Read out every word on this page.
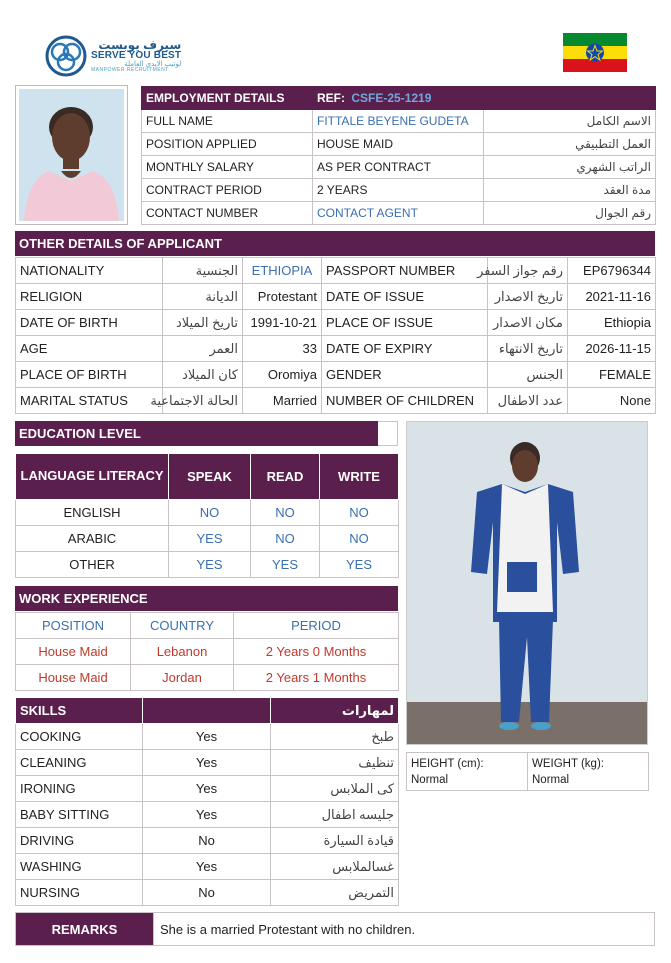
سيرف يوبست
SERVE YOU BEST
لوتيب الايدي العاملة
MANPOWER RECRUITMENT
EMPLOYMENT DETAILS	REF: CSFE-25-1219	
FULL NAME	FITTALE BEYENE GUDETA	الاسم الكامل
POSITION APPLIED	HOUSE MAID	العمل التطبيقي
MONTHLY SALARY	AS PER CONTRACT	الراتب الشهري
CONTRACT PERIOD	2 YEARS	مدة العقد
CONTACT NUMBER	CONTACT AGENT	رقم الجوال
OTHER DETAILS OF APPLICANT
NATIONALITY	الجنسية	ETHIOPIA	PASSPORT NUMBER	رقم جواز السفر	EP6796344
RELIGION	الديانة	Protestant	DATE OF ISSUE	تاريخ الاصدار	2021-11-16
DATE OF BIRTH	تاريخ الميلاد	1991-10-21	PLACE OF ISSUE	مكان الاصدار	Ethiopia
AGE	العمر	33	DATE OF EXPIRY	تاريخ الانتهاء	2026-11-15
PLACE OF BIRTH	كان الميلاد	Oromiya	GENDER	الجنس	FEMALE
MARITAL STATUS	الحالة الاجتماعية	Married	NUMBER OF CHILDREN	عدد الاطفال	None
EDUCATION LEVEL
LANGUAGE LITERACY	SPEAK	READ	WRITE
ENGLISH	NO	NO	NO
ARABIC	YES	NO	NO
OTHER	YES	YES	YES
HEIGHT (cm):
Normal

WEIGHT (kg):
Normal
WORK EXPERIENCE
POSITION	COUNTRY	PERIOD
House Maid	Lebanon	2 Years 0 Months
House Maid	Jordan	2 Years 1 Months
SKILLS		لمهارات
COOKING	Yes	طبخ
CLEANING	Yes	تنظيف
IRONING	Yes	كى الملابس
BABY SITTING	Yes	جليسه اطفال
DRIVING	No	قيادة السيارة
WASHING	Yes	غسالملابس
NURSING	No	التمريض
REMARKS	She is a married Protestant with no children.
